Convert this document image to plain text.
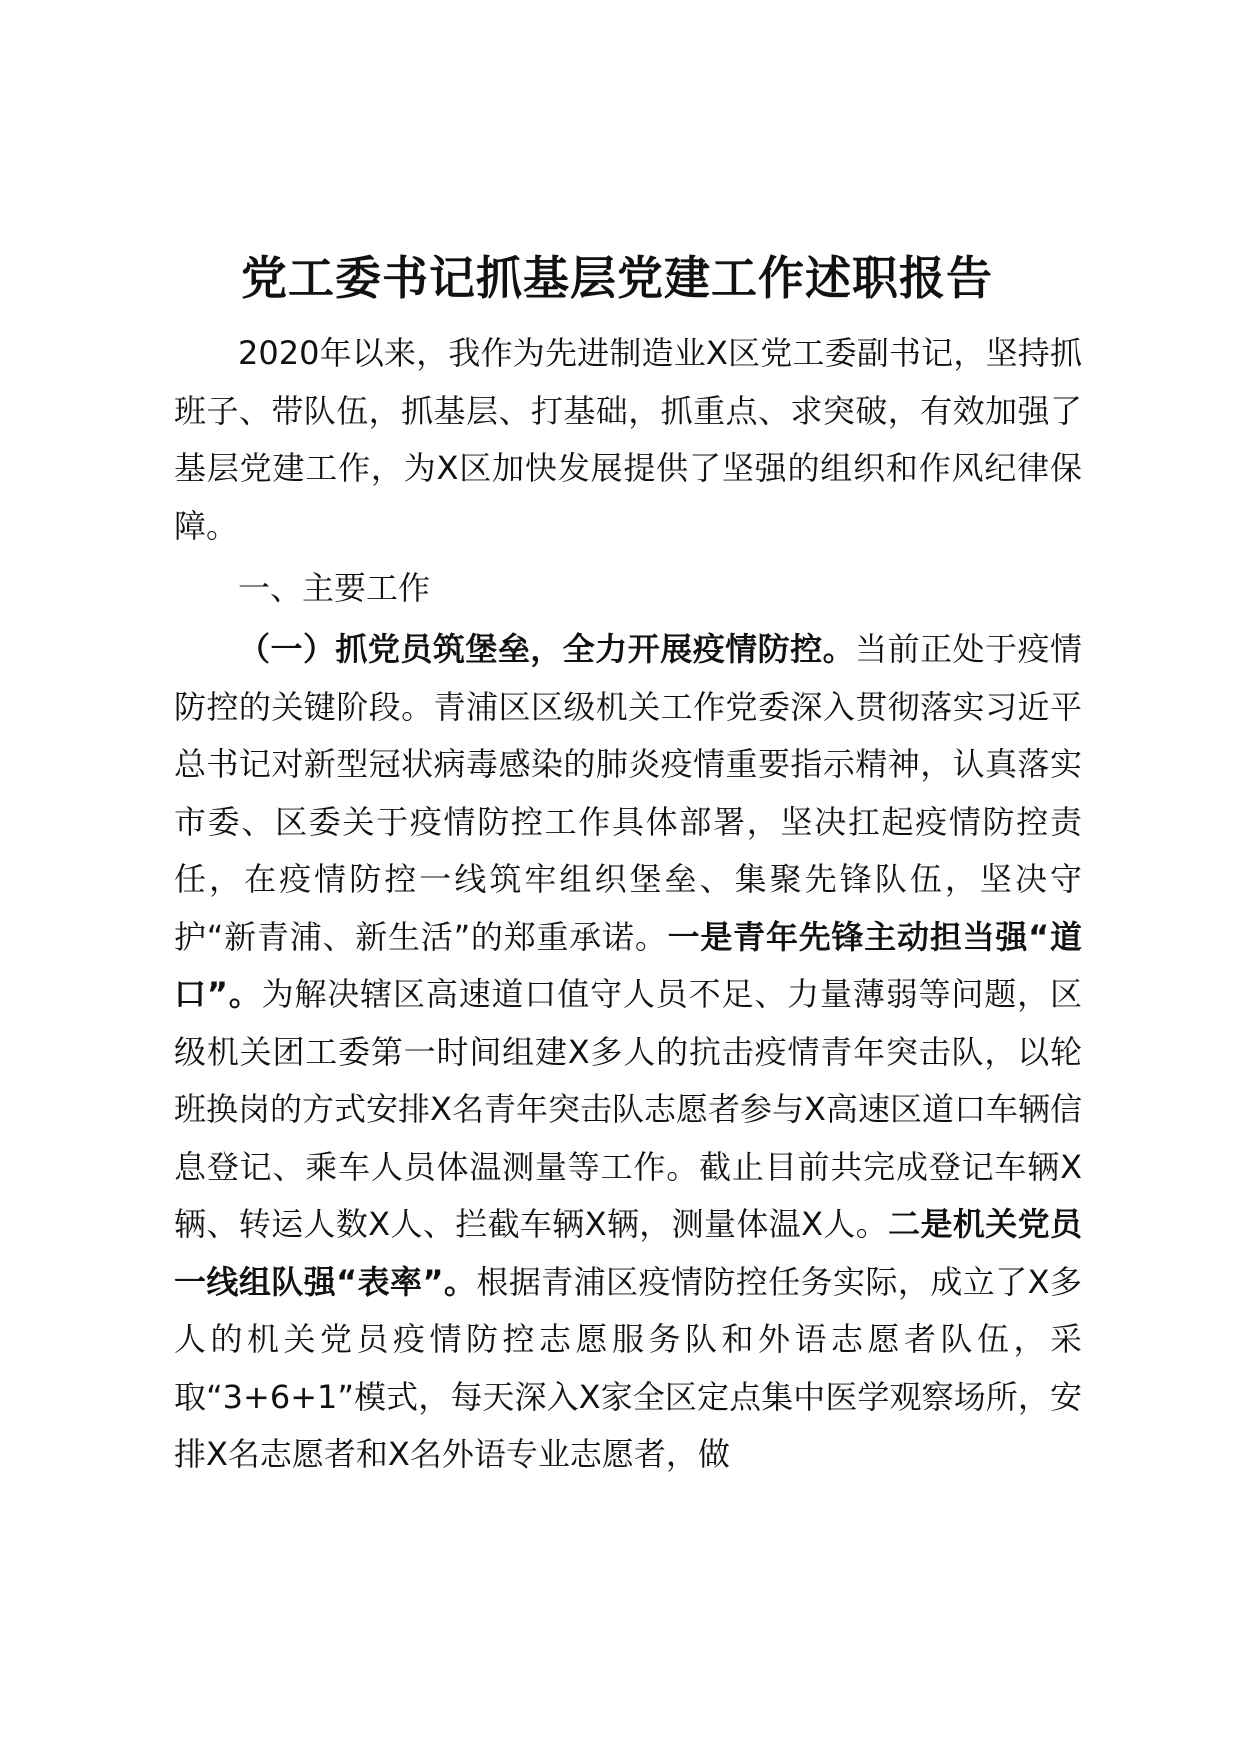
党工委书记抓基层党建工作述职报告
2020年以来，我作为先进制造业X区党工委副书记，坚持抓班子、带队伍，抓基层、打基础，抓重点、求突破，有效加强了基层党建工作，为X区加快发展提供了坚强的组织和作风纪律保障。
一、主要工作
（一）抓党员筑堡垒，全力开展疫情防控。当前正处于疫情防控的关键阶段。青浦区区级机关工作党委深入贯彻落实习近平总书记对新型冠状病毒感染的肺炎疫情重要指示精神，认真落实市委、区委关于疫情防控工作具体部署，坚决扛起疫情防控责任，在疫情防控一线筑牢组织堡垒、集聚先锋队伍，坚决守护“新青浦、新生活”的郑重承诺。一是青年先锋主动担当强“道口”。为解决辖区高速道口值守人员不足、力量薄弱等问题，区级机关团工委第一时间组建X多人的抗击疫情青年突击队，以轮班换岗的方式安排X名青年突击队志愿者参与X高速区道口车辆信息登记、乘车人员体温测量等工作。截止目前共完成登记车辆X辆、转运人数X人、拦截车辆X辆，测量体温X人。二是机关党员一线组队强“表率”。根据青浦区疫情防控任务实际，成立了X多人的机关党员疫情防控志愿服务队和外语志愿者队伍，采取“3+6+1”模式，每天深入X家全区定点集中医学观察场所，安排X名志愿者和X名外语专业志愿者，做
